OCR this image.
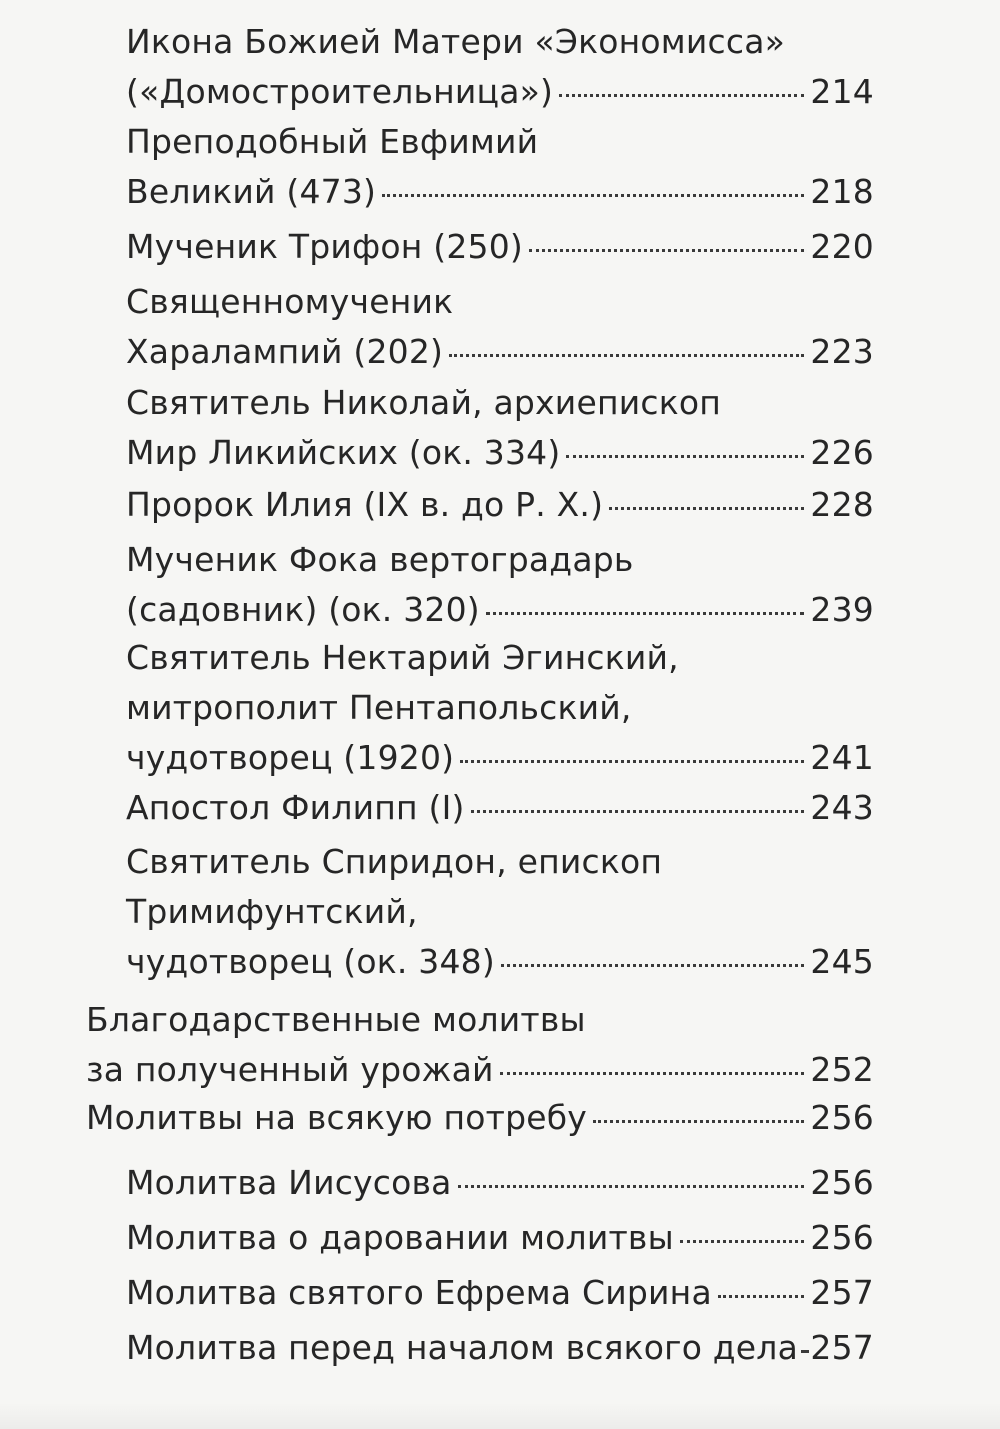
Икона Божией Матери «Экономисса»
(«Домостроительница»)	214
Преподобный Евфимий
Великий (473)	218
Мученик Трифон (250)	220
Священномученик
Харалампий (202)	223
Святитель Николай, архиепископ
Мир Ликийских (ок. 334)	226
Пророк Илия (IX в. до Р. Х.)	228
Мученик Фока вертоградарь
(садовник) (ок. 320)	239
Святитель Нектарий Эгинский,
митрополит Пентапольский,
чудотворец (1920)	241
Апостол Филипп (I)	243
Святитель Спиридон, епископ
Тримифунтский,
чудотворец (ок. 348)	245
Благодарственные молитвы
за полученный урожай	252
Молитвы на всякую потребу	256
Молитва Иисусова	256
Молитва о даровании молитвы	256
Молитва святого Ефрема Сирина	257
Молитва перед началом всякого дела 257
